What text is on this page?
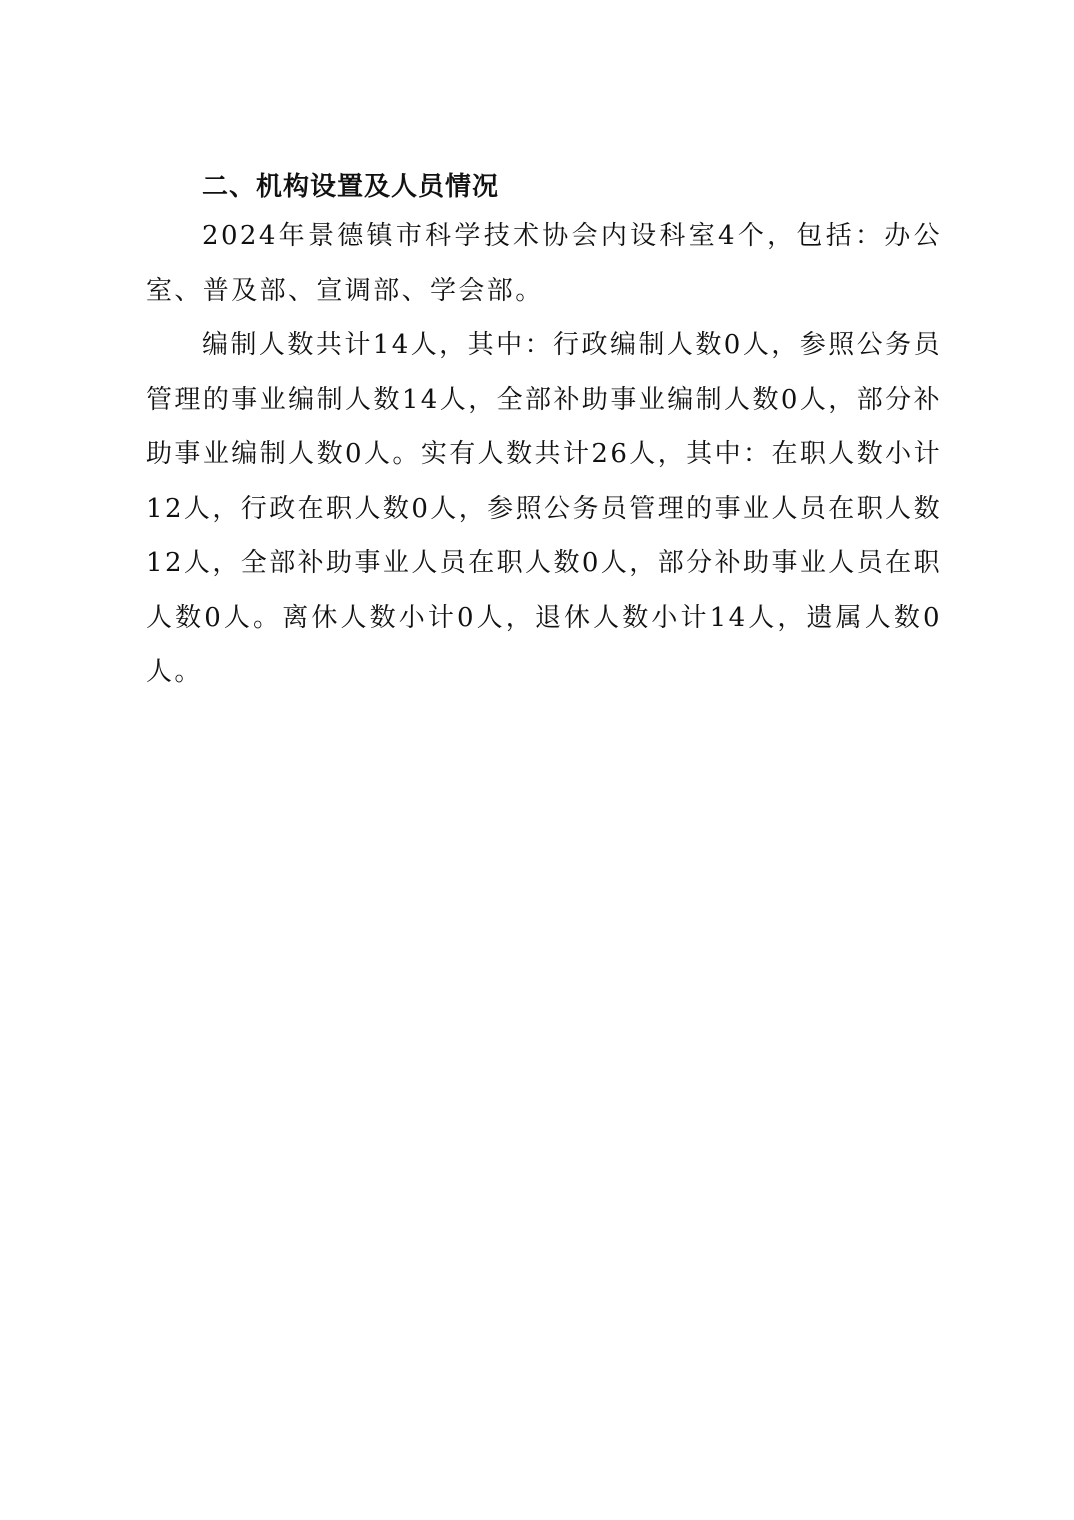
二、机构设置及人员情况

2024年景德镇市科学技术协会内设科室4个，包括：办公室、普及部、宣调部、学会部。

编制人数共计14人，其中：行政编制人数0人，参照公务员管理的事业编制人数14人，全部补助事业编制人数0人，部分补助事业编制人数0人。实有人数共计26人，其中：在职人数小计12人，行政在职人数0人，参照公务员管理的事业人员在职人数12人，全部补助事业人员在职人数0人，部分补助事业人员在职人数0人。离休人数小计0人，退休人数小计14人，遗属人数0人。
